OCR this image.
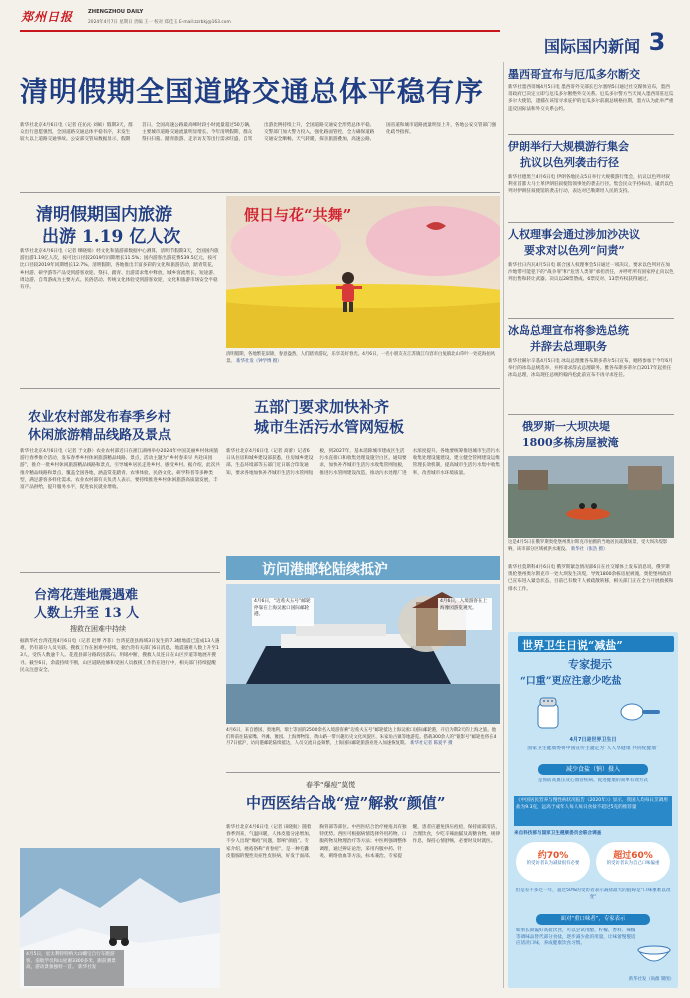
郑州日报	ZHENGZHOU DAILY
2024年4月7日 星期日 责编 王一 校对 郑佳玉 E-mail:zzrbkj@163.com
国际国内新闻 3
清明假期全国道路交通总体平稳有序
新华社北京4月6日电（记者 任沁沁 刘硕）假期3天，群众出行意愿强烈，全国道路交通总体平稳有序，未发生较大以上道路交通事故。公安部交管局数据显示，假期首日，全国高速公路最高峰时段小时流量超过50万辆，主要城市道路交通流量明显增长。今年清明假期，群众祭扫扫墓、踏青旅游、走亲访友等出行需求旺盛，自驾出游比例持续上升，全国道路交通安全形势总体平稳。交警部门加大警力投入，强化路面管控，全力确保道路交通安全顺畅。天气转暖，探亲旅游叠加，高速公路、国省道和城市道路流量明显上升，各地公安交管部门强化疏导指挥。
清明假期国内旅游
出游 1.19 亿人次
新华社北京4月6日电（记者 缪晓娟）经文化和旅游部数据中心测算，清明节假期3天，全国国内旅游出游1.19亿人次，按可比口径较2019年同期增长11.5%；国内游客出游花费539.5亿元，按可比口径较2019年同期增长12.7%。清明假期，各地推出丰富多彩的文化和旅游活动，踏青赏花、乡村游、研学游等产品受到游客欢迎。祭扫、踏青、出游需求集中释放，城乡客流增长，短途游、周边游、自驾游成为主要方式。民俗活动、传统文化体验受到游客欢迎，文化和旅游市场安全平稳有序。
假日与花“共舞”
清明假期，各地繁花似锦，春意盎然，人们踏青游玩，乐享美好春光。4月6日，一名小朋友在江苏镇江句容市白兔镇北山草叶一处花海拍风景。 新华社发（钟学博 摄）
农业农村部发布春季乡村
休闲旅游精品线路及景点
新华社北京4月6日电（记者 于文静）农业农村部近日在浙江湖州举办2024年中国美丽乡村休闲旅游行春季推介活动，发布春季乡村休闲旅游精品线路、景点，活动主题为“乡村春来早 共赴田园游”，推介一批乡村休闲旅游精品线路和景点，引导城乡居民走进乡村、感受乡村。据介绍，此次共推介精品线路和景点，覆盖全国各地，涵盖赏花踏青、农事体验、民俗文化、研学科普等多种类型，满足游客多样化需求。农业农村部有关负责人表示，要持续推进乡村休闲旅游高质量发展，丰富产品供给，提升服务水平，促进农民就业增收。
五部门要求加快补齐
城市生活污水管网短板
新华社北京4月6日电（记者 高蕾）记者6日从住房和城乡建设部获悉，住房城乡建设部、生态环境部等五部门近日联合印发通知，要求各地加快补齐城市生活污水管网短板，到2027年，基本消除城市建成区生活污水直排口和收集处理设施空白区。通知要求，加快补齐城市生活污水收集管网短板，推进污水管网建设改造，推动污水处理厂进水浓度提升。各地要统筹推进城市生活污水收集处理设施建设，建立健全管网建设运维管理长效机制，提高城市生活污水集中收集率，改善城市水环境质量。
台湾花莲地震遇难
人数上升至 13 人
搜救在困难中持续
据新华社台湾花莲4月6日电（记者 赵博 齐菲）台湾花莲县海域3日发生的7.3级地震已造成13人遇难，仍有部分人员失联。搜救工作在困难中持续。据台湾有关部门6日消息，地震遇难人数上升至13人，受伤人数逾千人。花莲县部分路段因落石、坍塌中断，搜救人员连日在山区步道等地展开搜寻。截至6日，余震持续不断，山区道路抢修和受困人员救援工作仍在进行中，相关部门持续提醒民众注意安全。
访问港邮轮陆续抵沪
4月6日，“迈希夫五号”邮轮停靠在上海吴淞口国际邮轮港。
4月6日，入境游客在上海豫园游览观光。
4月6日，来自德国、奥地利、瑞士等国的2500余名入境游客乘“迈希夫五号”邮轮抵达上海吴淞口国际邮轮港，开启为期2天的上海之旅。他们将前往陆家嘴、外滩、豫园、上海博物馆、黄山路一带兴趣历史文化风貌区、朱家角古镇等地游览。搭载300余人的“银影号”邮轮也将在4月7日抵沪，访问港邮轮陆续抵达，人员交流日益频繁，上海国际邮轮旅游业进入加速恢复期。 新华社记者 陈爱平 摄
春季“爆痘”莫慌
中西医结合战“痘”解救“颜值”
新华社北京4月6日电（记者 田晓航）随着春季到来，气温回暖，人体皮脂分泌增加，不少人出现“爆痘”问题，影响“颜值”。专家介绍，痤疮俗称“青春痘”，是一种毛囊皮脂腺的慢性炎症性皮肤病，好发于面部、胸背部等部位。中西医结合治疗痤疮具有独特优势。西医可根据病情选择外用药物、口服药物及物理治疗等方法；中医则强调整体调理，通过辨证论治，采用内服中药、针灸、刺络放血等方法，标本兼治。专家提醒，患者应避免挤压痘痘，保持面部清洁，合理饮食，少吃辛辣油腻及高糖食物，规律作息，保持心情舒畅，必要时及时就医。
4月5日，星太利特特纳大山螺宝自行车跑游客，南航学员和山屋谢3300多米，跟前测景高，游动景象独特一首。 新华社发
墨西哥宣布与厄瓜多尔断交
新华社墨西哥城4月5日电 墨西哥外交部长巴尔塞纳5日通过社交媒体宣布，墨西哥政府已决定立即与厄瓜多尔断绝外交关系。厄瓜多尔警方当天闯入墨西哥驻厄瓜多尔大使馆，逮捕在该馆寻求庇护的厄瓜多尔前副总统格拉斯，墨方认为此举严重违反国际法和外交关系公约。
伊朗举行大规模游行集会
抗议以色列袭击行径
新华社德黑兰4月6日电 伊朗各地民众5日举行大规模游行集会，抗议以色列对叙利亚首都大马士革伊朗驻叙使馆领事处的袭击行径。集会民众手持标语，谴责以色列对伊朗驻叙使馆的袭击行动，表达对巴勒斯坦人民的支持。
人权理事会通过涉加沙决议
要求对以色列“问责”
新华社日内瓦4月5日电 联合国人权理事会5日通过一项决议，要求以色列对在加沙地带可能犯下的“战争罪”和“危害人类罪”承担责任，并呼吁所有国家停止向以色列出售和转让武器。决议以28票赞成、6票反对、13票弃权获得通过。
冰岛总理宣布将参选总统
并辞去总理职务
新华社赫尔辛基4月5日电 冰岛总理雅各布斯多蒂尔5日宣布，她将参加于今年6月举行的冰岛总统选举，并将请求辞去总理职务。雅各布斯多蒂尔自2017年起担任冰岛总理，冰岛现任总统约翰内松此前宣布不再寻求连任。
俄罗斯一大坝决堤
1800多栋房屋被淹
这是4月5日在俄罗斯奥伦堡州奥尔斯克市拍摄的当地居民疏散场景，受大坝决堤影响，该市部分区域被洪水淹没。 新华社（张浩 摄）
新华社莫斯科4月6日电 俄罗斯紧急情况部6日在社交媒体上发布消息说，俄罗斯奥伦堡州奥尔斯克市一处大坝发生决堤，导致1800余栋房屋被淹，奥伦堡州政府已宣布进入紧急状态，目前已有数千人被疏散转移，相关部门正在全力开展救援和排水工作。
世界卫生日说“减盐”
专家提示
“口重”更应注意少吃盐
4月7日是世界卫生日
国家卫生健康委将中国宣传主题定为“人人享健康 共同促健康”
减少食盐（钠）摄入
是预防高血压及心血管疾病、促进健康的简单有效方式
《中国居民营养与慢性病状况报告（2020年）》显示，我国人均每日烹调用盐为9.3克，远高于成年人每人每日食盐不超过5克的推荐量
来自科技部与国家卫生健康委员会联合调查
约70%
的受访者认为减盐很有必要
超过60%
的受访者认为自己口味偏重
但是差不多过一年，超过50%的受访者表示减盐最大的阻碍是“口味重难以改变”
面对“重口味者”，专家表示
如果长期偏好高盐饮食，可以尝试用醋、柠檬、香料、辣椒等调味品替代部分食盐，逐步减少盐的用量，让味蕾慢慢适应清淡口味，养成健康饮食习惯。
新华社发（尚薇 制图）
